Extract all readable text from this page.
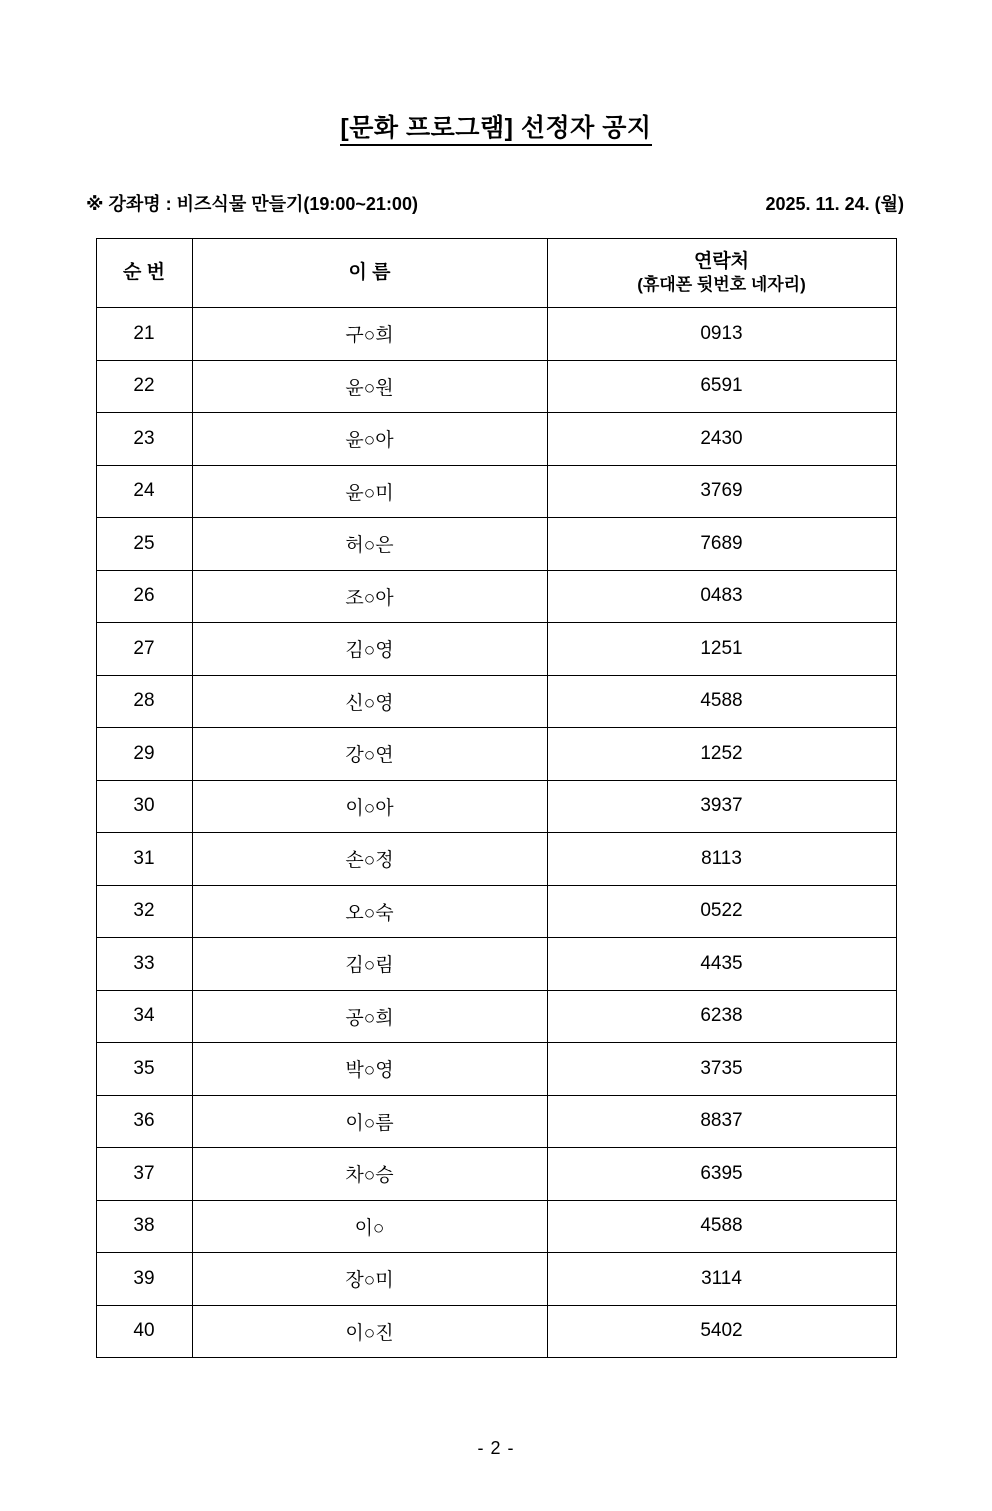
[문화 프로그램] 선정자 공지
※ 강좌명 : 비즈식물 만들기(19:00~21:00)	2025. 11. 24. (월)
순 번	이 름	연락처
(휴대폰 뒷번호 네자리)

21	구○희	0913
22	윤○원	6591
23	윤○아	2430
24	윤○미	3769
25	허○은	7689
26	조○아	0483
27	김○영	1251
28	신○영	4588
29	강○연	1252
30	이○아	3937
31	손○정	8113
32	오○숙	0522
33	김○림	4435
34	공○희	6238
35	박○영	3735
36	이○름	8837
37	차○승	6395
38	이○	4588
39	장○미	3114
40	이○진	5402
- 2 -
